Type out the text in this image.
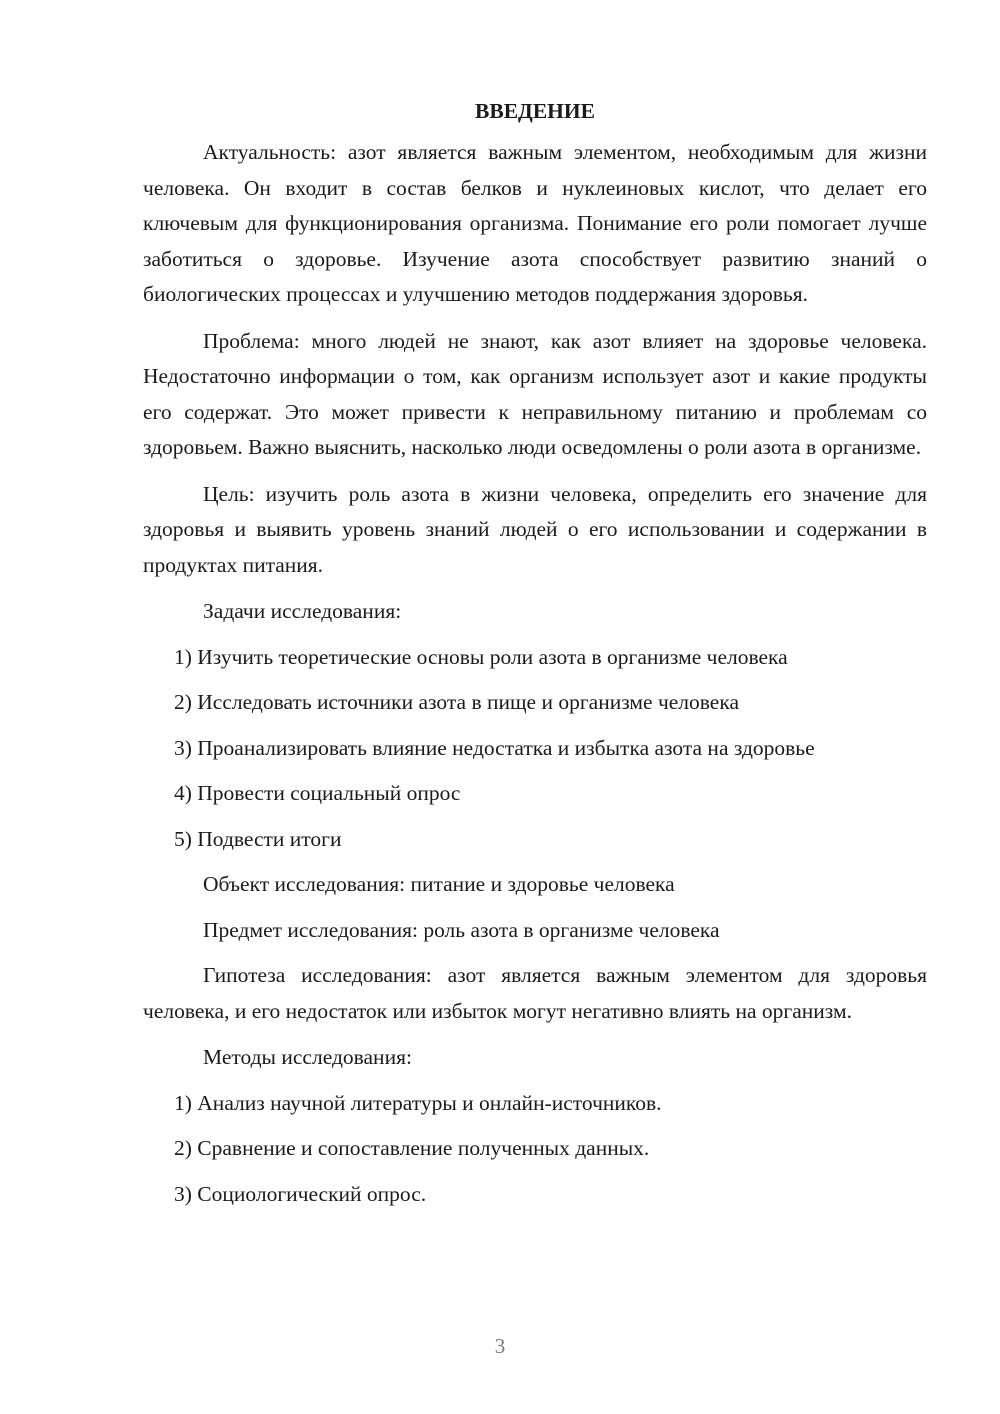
ВВЕДЕНИЕ

Актуальность: азот является важным элементом, необходимым для жизни человека. Он входит в состав белков и нуклеиновых кислот, что делает его ключевым для функционирования организма. Понимание его роли помогает лучше заботиться о здоровье. Изучение азота способствует развитию знаний о биологических процессах и улучшению методов поддержания здоровья.

Проблема: много людей не знают, как азот влияет на здоровье человека. Недостаточно информации о том, как организм использует азот и какие продукты его содержат. Это может привести к неправильному питанию и проблемам со здоровьем. Важно выяснить, насколько люди осведомлены о роли азота в организме.

Цель: изучить роль азота в жизни человека, определить его значение для здоровья и выявить уровень знаний людей о его использовании и содержании в продуктах питания.

Задачи исследования:
1) Изучить теоретические основы роли азота в организме человека
2) Исследовать источники азота в пище и организме человека
3) Проанализировать влияние недостатка и избытка азота на здоровье
4) Провести социальный опрос
5) Подвести итоги
Объект исследования: питание и здоровье человека
Предмет исследования: роль азота в организме человека

Гипотеза исследования: азот является важным элементом для здоровья человека, и его недостаток или избыток могут негативно влиять на организм.

Методы исследования:
1) Анализ научной литературы и онлайн-источников.
2) Сравнение и сопоставление полученных данных.
3) Социологический опрос.
3
